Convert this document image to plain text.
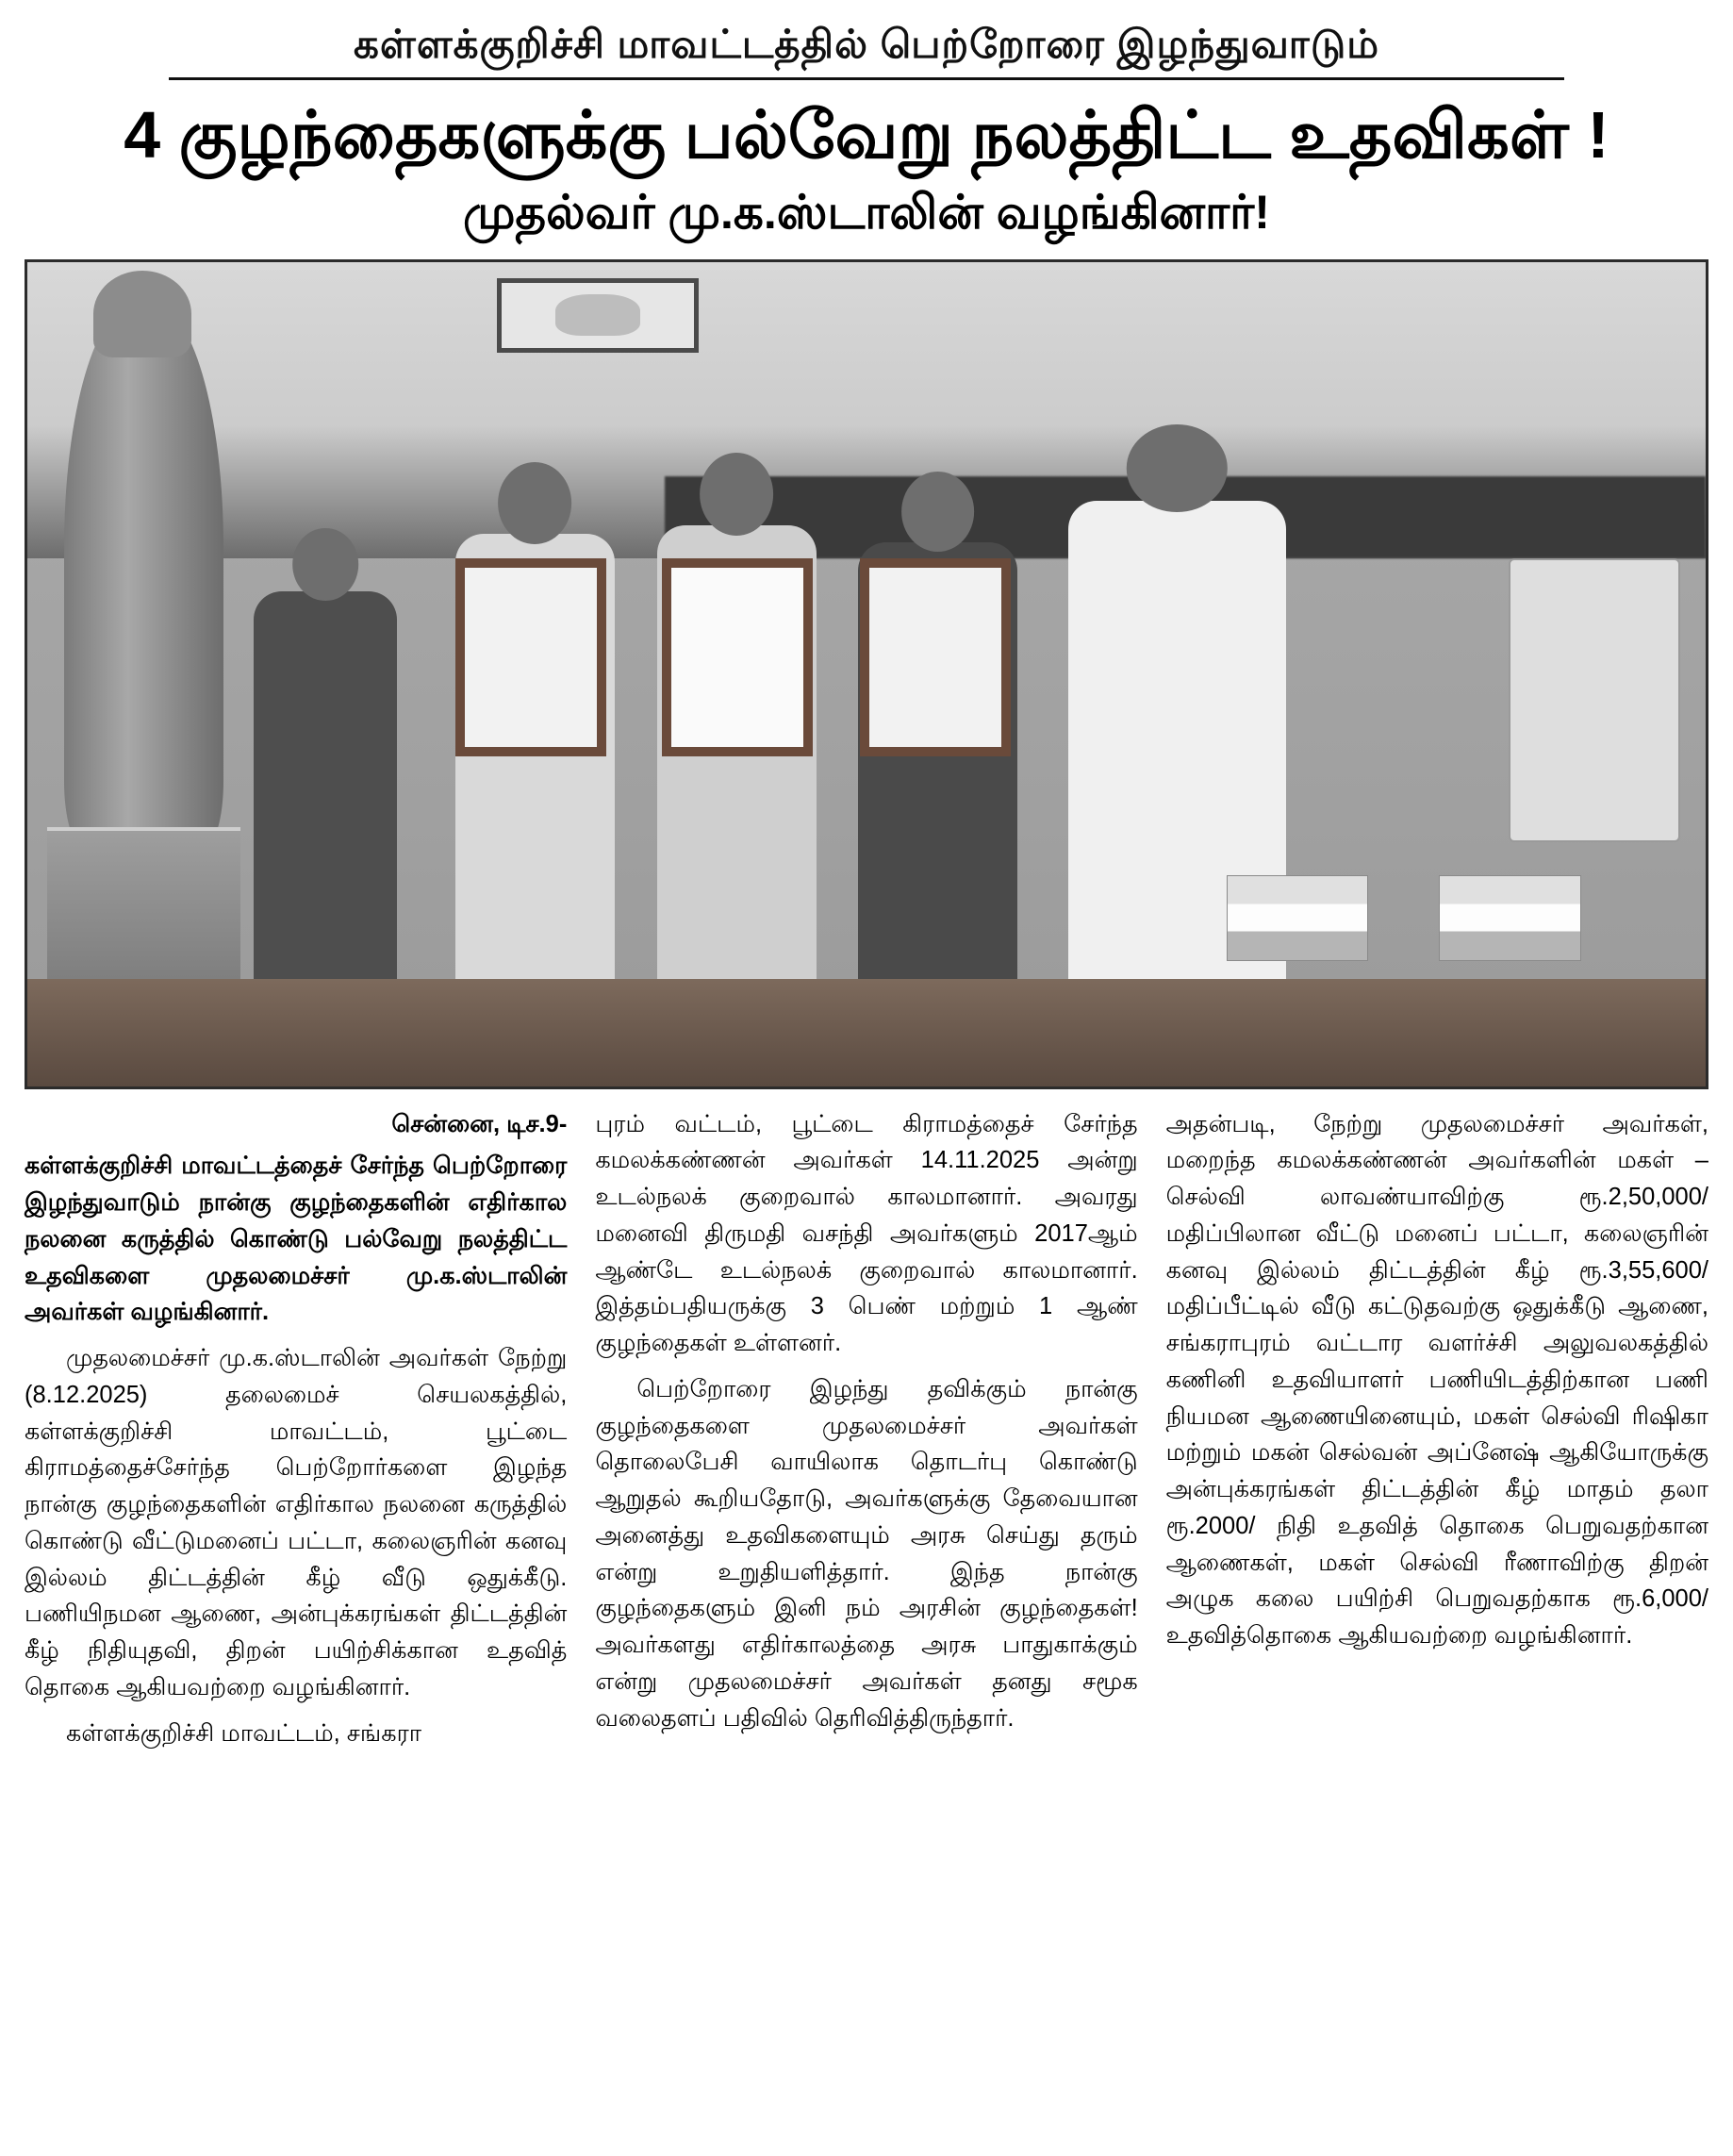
கள்ளக்குறிச்சி மாவட்டத்தில் பெற்றோரை இழந்துவாடும்
4 குழந்தைகளுக்கு பல்வேறு நலத்திட்ட உதவிகள் !
முதல்வர் மு.க.ஸ்டாலின் வழங்கினார்!
சென்னை, டிச.9-

கள்ளக்குறிச்சி மாவட்டத்தைச் சேர்ந்த பெற்றோரை இழந்துவாடும் நான்கு குழந்தைகளின் எதிர்கால நலனை கருத்தில் கொண்டு பல்வேறு நலத்திட்ட உதவிகளை முதலமைச்சர் மு.க.ஸ்டாலின் அவர்கள் வழங்கினார்.

முதலமைச்சர் மு.க.ஸ்டாலின் அவர்கள் நேற்று (8.12.2025) தலைமைச் செயலகத்தில், கள்ளக்குறிச்சி மாவட்டம், பூட்டை கிராமத்தைச்சேர்ந்த பெற்றோர்களை இழந்த நான்கு குழந்தைகளின் எதிர்கால நலனை கருத்தில் கொண்டு வீட்டுமனைப் பட்டா, கலைஞரின் கனவு இல்லம் திட்டத்தின் கீழ் வீடு ஒதுக்கீடு. பணியிநமன ஆணை, அன்புக்கரங்கள் திட்டத்தின் கீழ் நிதியுதவி, திறன் பயிற்சிக்கான உதவித் தொகை ஆகியவற்றை வழங்கினார்.

கள்ளக்குறிச்சி மாவட்டம், சங்கரா

புரம் வட்டம், பூட்டை கிராமத்தைச் சேர்ந்த கமலக்கண்ணன் அவர்கள் 14.11.2025 அன்று உடல்நலக் குறைவால் காலமானார். அவரது மனைவி திருமதி வசந்தி அவர்களும் 2017ஆம் ஆண்டே உடல்நலக் குறைவால் காலமானார். இத்தம்பதியருக்கு 3 பெண் மற்றும் 1 ஆண் குழந்தைகள் உள்ளனர்.

பெற்றோரை இழந்து தவிக்கும் நான்கு குழந்தைகளை முதலமைச்சர் அவர்கள் தொலைபேசி வாயிலாக தொடர்பு கொண்டு ஆறுதல் கூறியதோடு, அவர்களுக்கு தேவையான அனைத்து உதவிகளையும் அரசு செய்து தரும் என்று உறுதியளித்தார். இந்த நான்கு குழந்தைகளும் இனி நம் அரசின் குழந்தைகள்! அவர்களது எதிர்காலத்தை அரசு பாதுகாக்கும் என்று முதலமைச்சர் அவர்கள் தனது சமூக வலைதளப் பதிவில் தெரிவித்திருந்தார்.

அதன்படி, நேற்று முதலமைச்சர் அவர்கள், மறைந்த கமலக்கண்ணன் அவர்களின் மகள் – செல்வி லாவண்யாவிற்கு ரூ.2,50,000/ மதிப்பிலான வீட்டு மனைப் பட்டா, கலைஞரின் கனவு இல்லம் திட்டத்தின் கீழ் ரூ.3,55,600/மதிப்பீட்டில் வீடு கட்டுதவற்கு ஒதுக்கீடு ஆணை, சங்கராபுரம் வட்டார வளர்ச்சி அலுவலகத்தில் கணினி உதவியாளர் பணியிடத்திற்கான பணி நியமன ஆணையினையும், மகள் செல்வி ரிஷிகா மற்றும் மகன் செல்வன் அப்னேஷ் ஆகியோருக்கு அன்புக்கரங்கள் திட்டத்தின் கீழ் மாதம் தலா ரூ.2000/ நிதி உதவித் தொகை பெறுவதற்கான ஆணைகள், மகள் செல்வி ரீணாவிற்கு திறன் அழுக கலை பயிற்சி பெறுவதற்காக ரூ.6,000/ உதவித்தொகை ஆகியவற்றை வழங்கினார்.
